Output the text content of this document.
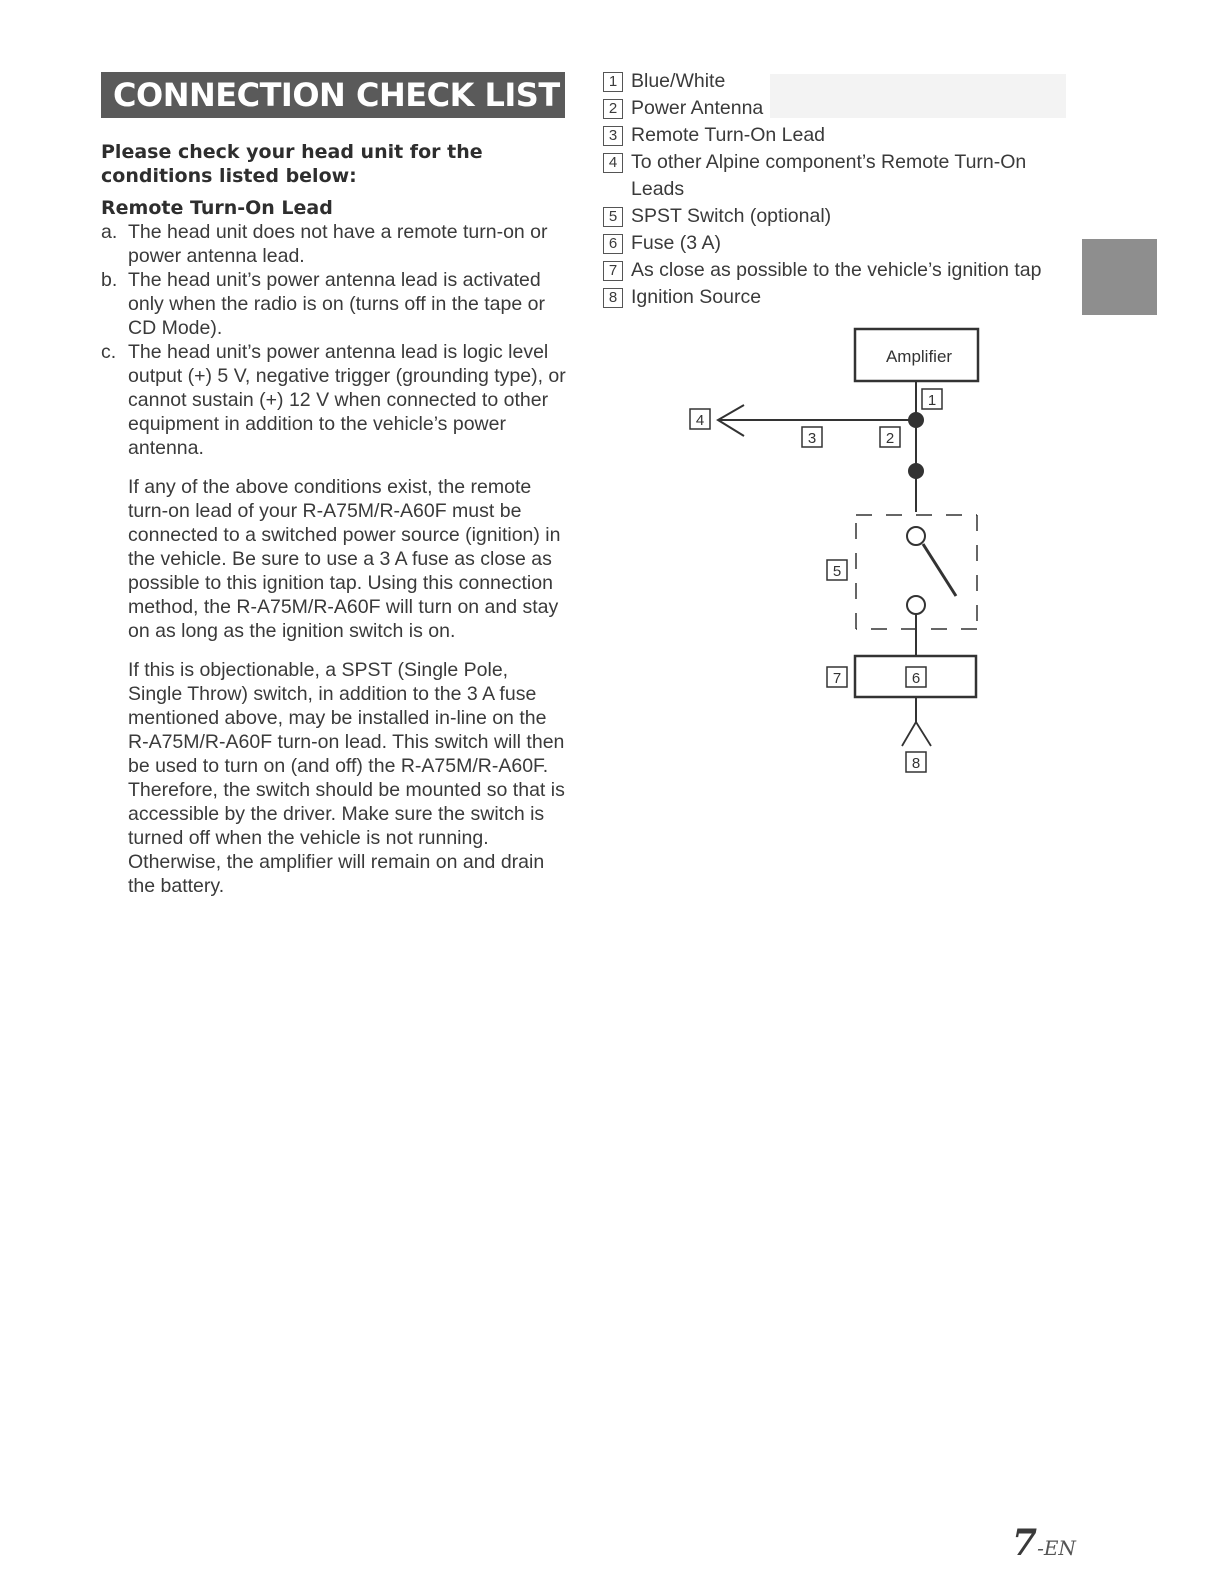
CONNECTION CHECK LIST

Please check your head unit for the conditions listed below:

Remote Turn-On Lead

a. The head unit does not have a remote turn-on or power antenna lead.
b. The head unit’s power antenna lead is activated only when the radio is on (turns off in the tape or CD Mode).
c. The head unit’s power antenna lead is logic level output (+) 5 V, negative trigger (grounding type), or cannot sustain (+) 12 V when connected to other equipment in addition to the vehicle’s power antenna.

If any of the above conditions exist, the remote turn-on lead of your R-A75M/R-A60F must be connected to a switched power source (ignition) in the vehicle. Be sure to use a 3 A fuse as close as possible to this ignition tap. Using this connection method, the R-A75M/R-A60F will turn on and stay on as long as the ignition switch is on.

If this is objectionable, a SPST (Single Pole, Single Throw) switch, in addition to the 3 A fuse mentioned above, may be installed in-line on the R-A75M/R-A60F turn-on lead. This switch will then be used to turn on (and off) the R-A75M/R-A60F. Therefore, the switch should be mounted so that is accessible by the driver. Make sure the switch is turned off when the vehicle is not running. Otherwise, the amplifier will remain on and drain the battery.

1 Blue/White
2 Power Antenna
3 Remote Turn-On Lead
4 To other Alpine component’s Remote Turn-On Leads
5 SPST Switch (optional)
6 Fuse (3 A)
7 As close as possible to the vehicle’s ignition tap
8 Ignition Source
Amplifier
1
2
3
4
5
6
7
8
7-EN
